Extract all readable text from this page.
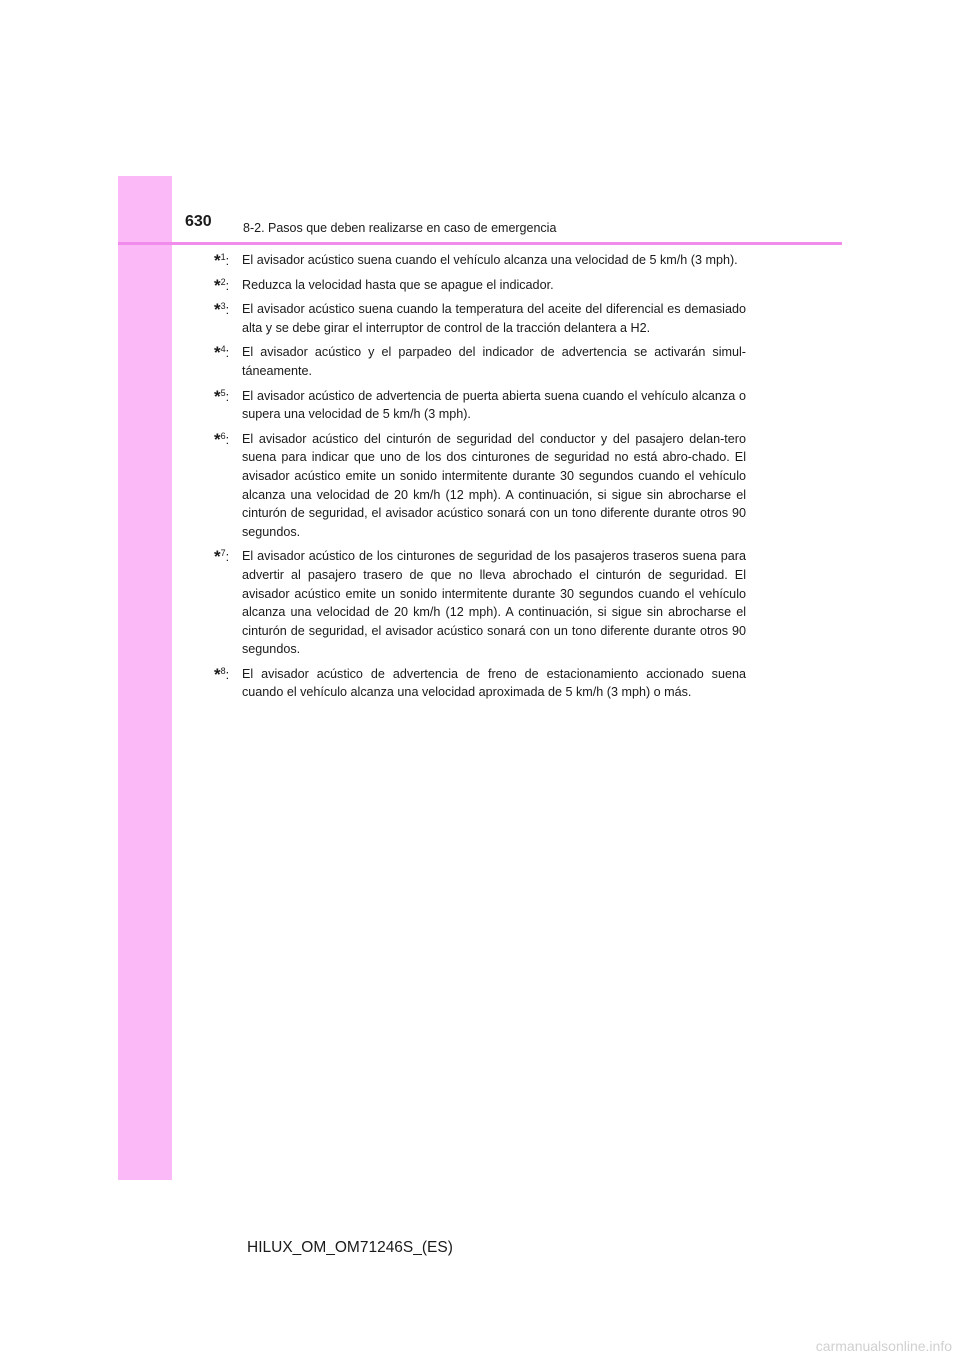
630	8-2. Pasos que deben realizarse en caso de emergencia
*$^1$: El avisador acústico suena cuando el vehículo alcanza una velocidad de 5 km/h (3 mph).
*$^2$: Reduzca la velocidad hasta que se apague el indicador.
*$^3$: El avisador acústico suena cuando la temperatura del aceite del diferencial es demasiado alta y se debe girar el interruptor de control de la tracción delantera a H2.
*$^4$: El avisador acústico y el parpadeo del indicador de advertencia se activarán simul-táneamente.
*$^5$: El avisador acústico de advertencia de puerta abierta suena cuando el vehículo alcanza o supera una velocidad de 5 km/h (3 mph).
*$^6$: El avisador acústico del cinturón de seguridad del conductor y del pasajero delan-tero suena para indicar que uno de los dos cinturones de seguridad no está abro-chado. El avisador acústico emite un sonido intermitente durante 30 segundos cuando el vehículo alcanza una velocidad de 20 km/h (12 mph). A continuación, si sigue sin abrocharse el cinturón de seguridad, el avisador acústico sonará con un tono diferente durante otros 90 segundos.
*$^7$: El avisador acústico de los cinturones de seguridad de los pasajeros traseros suena para advertir al pasajero trasero de que no lleva abrochado el cinturón de seguridad. El avisador acústico emite un sonido intermitente durante 30 segundos cuando el vehículo alcanza una velocidad de 20 km/h (12 mph). A continuación, si sigue sin abrocharse el cinturón de seguridad, el avisador acústico sonará con un tono diferente durante otros 90 segundos.
*$^8$: El avisador acústico de advertencia de freno de estacionamiento accionado suena cuando el vehículo alcanza una velocidad aproximada de 5 km/h (3 mph) o más.
HILUX_OM_OM71246S_(ES)
carmanualsonline.info
